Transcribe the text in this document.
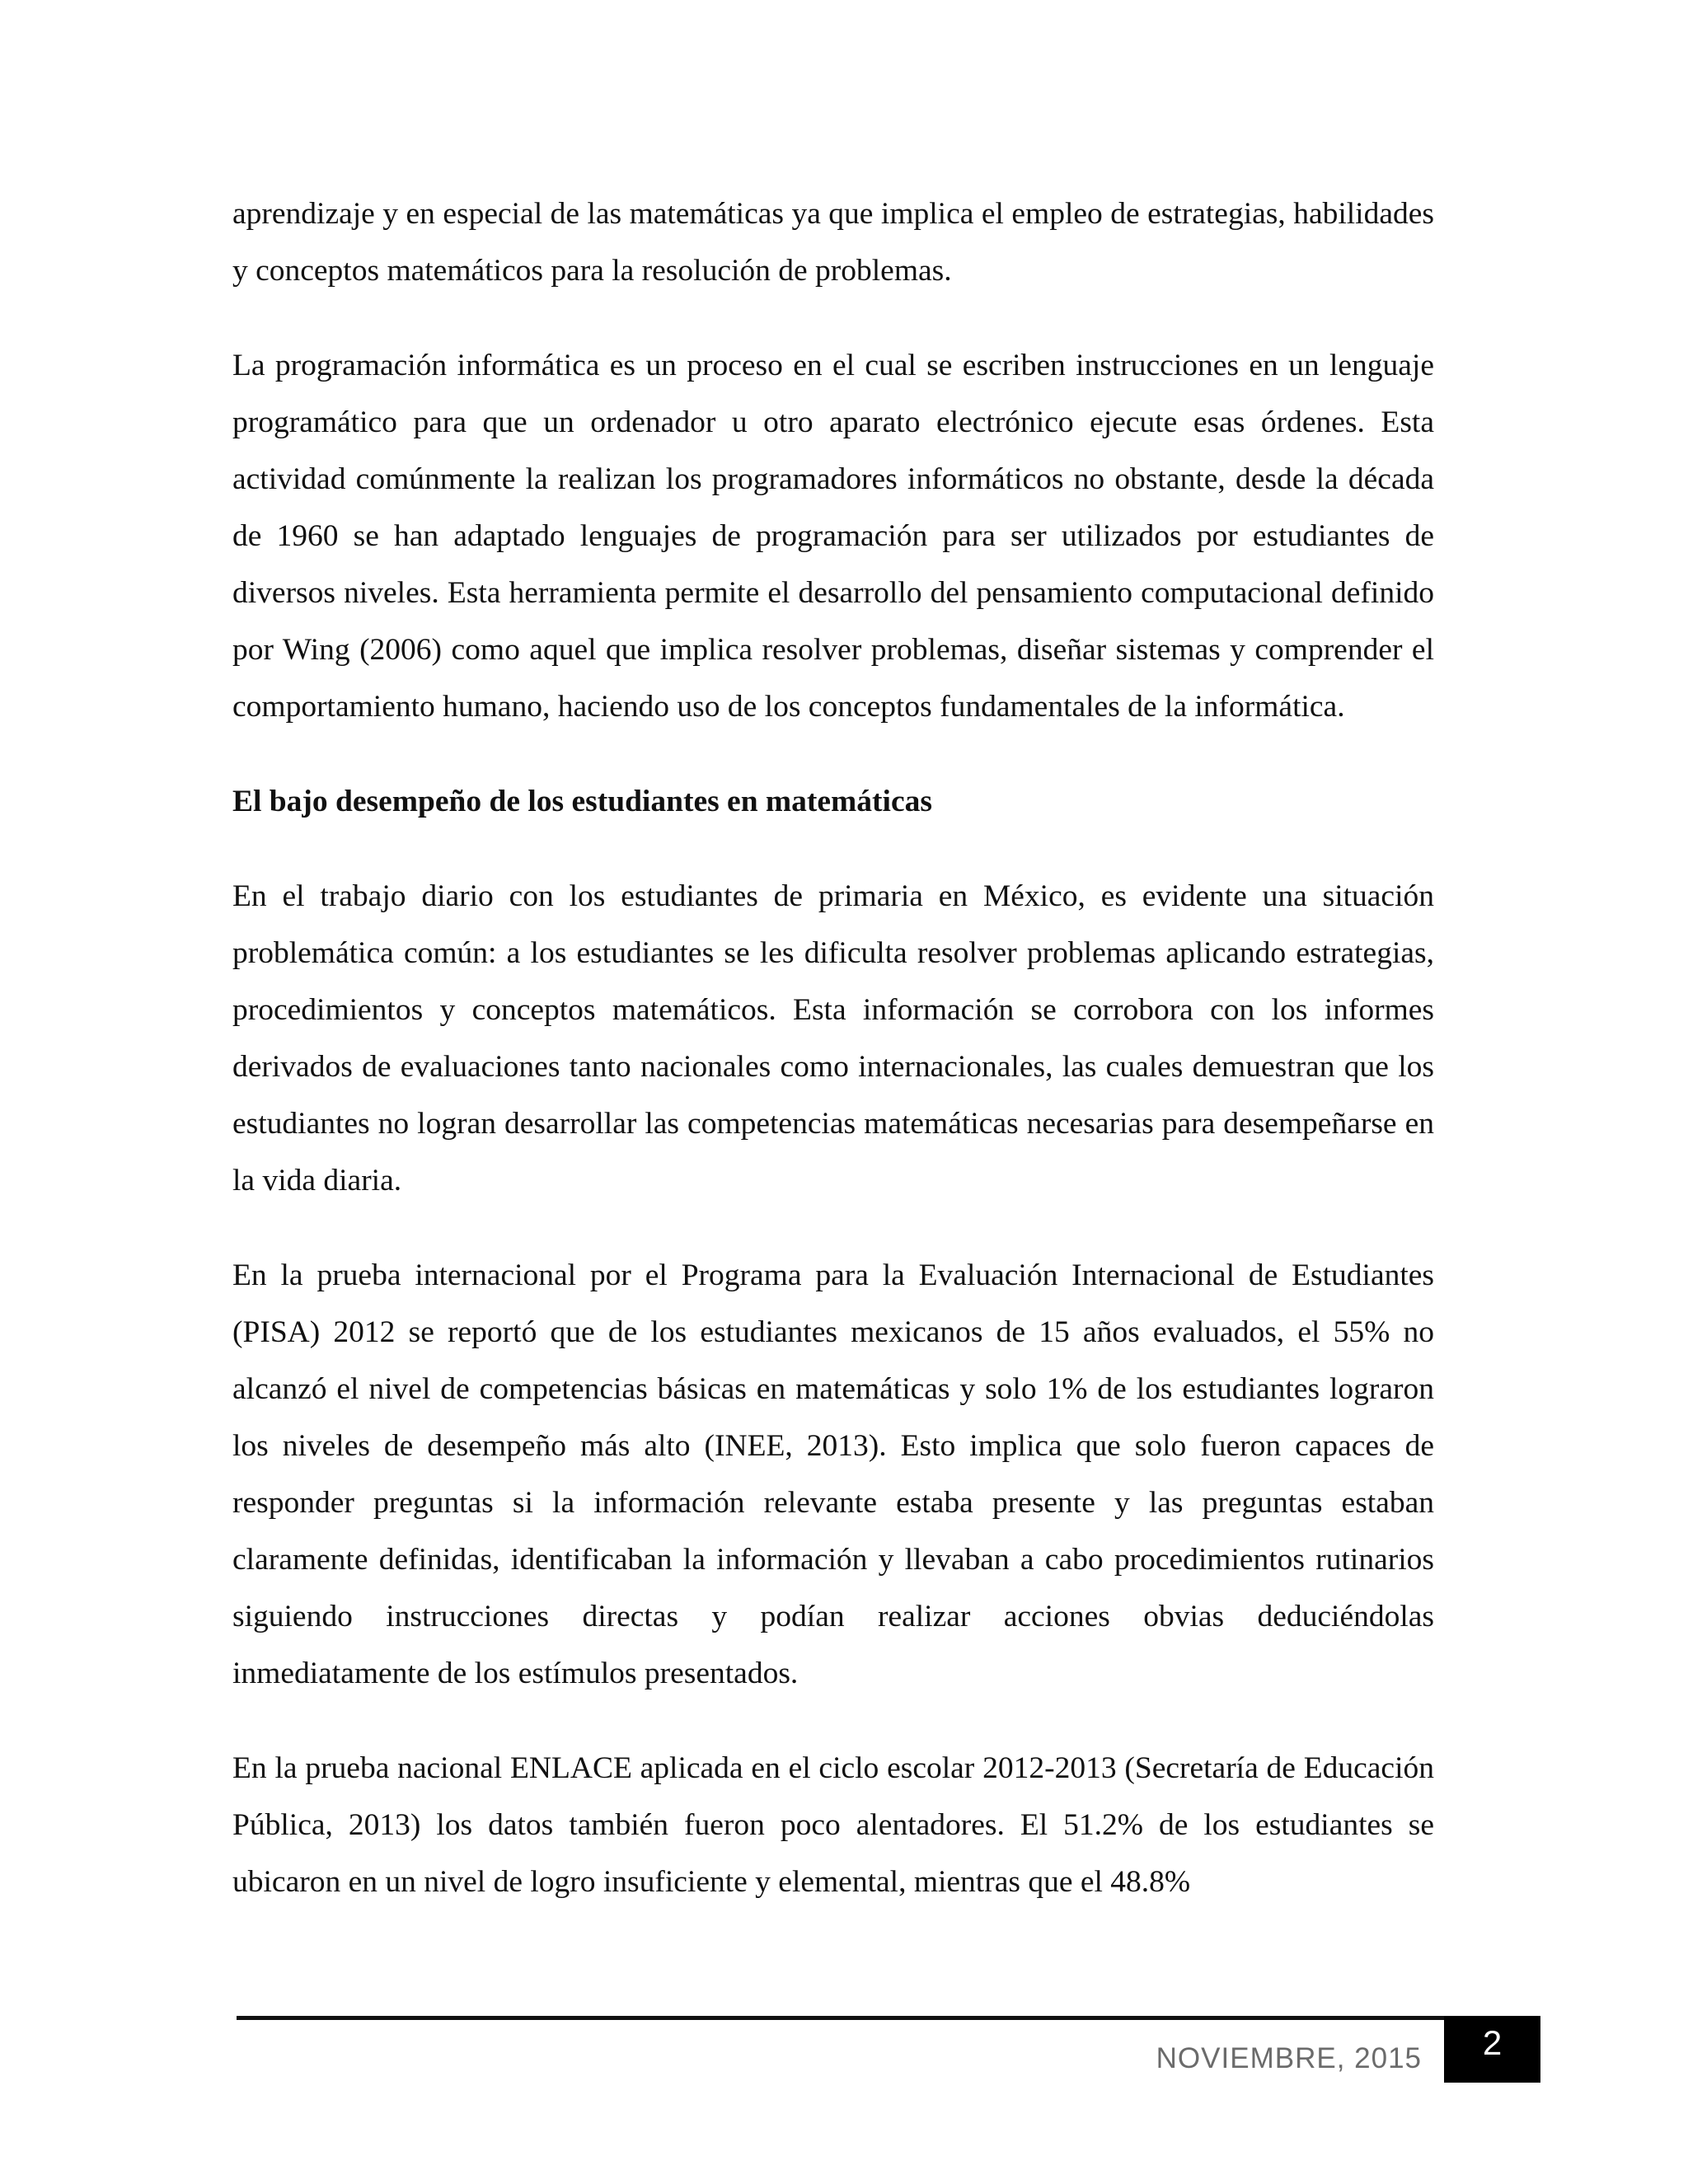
aprendizaje y en especial de las matemáticas ya que implica el empleo de estrategias, habilidades y conceptos matemáticos para la resolución de problemas.

La programación informática es un proceso en el cual se escriben instrucciones en un lenguaje programático para que un ordenador u otro aparato electrónico ejecute esas órdenes. Esta actividad comúnmente la realizan los programadores informáticos no obstante, desde la década de 1960 se han adaptado lenguajes de programación para ser utilizados por estudiantes de diversos niveles. Esta herramienta permite el desarrollo del pensamiento computacional definido por Wing (2006) como aquel que implica resolver problemas, diseñar sistemas y comprender el comportamiento humano, haciendo uso de los conceptos fundamentales de la informática.

El bajo desempeño de los estudiantes en matemáticas

En el trabajo diario con los estudiantes de primaria en México, es evidente una situación problemática común: a los estudiantes se les dificulta resolver problemas aplicando estrategias, procedimientos y conceptos matemáticos. Esta información se corrobora con los informes derivados de evaluaciones tanto nacionales como internacionales, las cuales demuestran que los estudiantes no logran desarrollar las competencias matemáticas necesarias para desempeñarse en la vida diaria.

En la prueba internacional por el Programa para la Evaluación Internacional de Estudiantes (PISA) 2012 se reportó que de los estudiantes mexicanos de 15 años evaluados, el 55% no alcanzó el nivel de competencias básicas en matemáticas y solo 1% de los estudiantes lograron los niveles de desempeño más alto (INEE, 2013). Esto implica que solo fueron capaces de responder preguntas si la información relevante estaba presente y las preguntas estaban claramente definidas, identificaban la información y llevaban a cabo procedimientos rutinarios siguiendo instrucciones directas y podían realizar acciones obvias deduciéndolas inmediatamente de los estímulos presentados.

En la prueba nacional ENLACE aplicada en el ciclo escolar 2012-2013 (Secretaría de Educación Pública, 2013) los datos también fueron poco alentadores. El 51.2% de los estudiantes se ubicaron en un nivel de logro insuficiente y elemental, mientras que el 48.8%

NOVIEMBRE, 2015	2
